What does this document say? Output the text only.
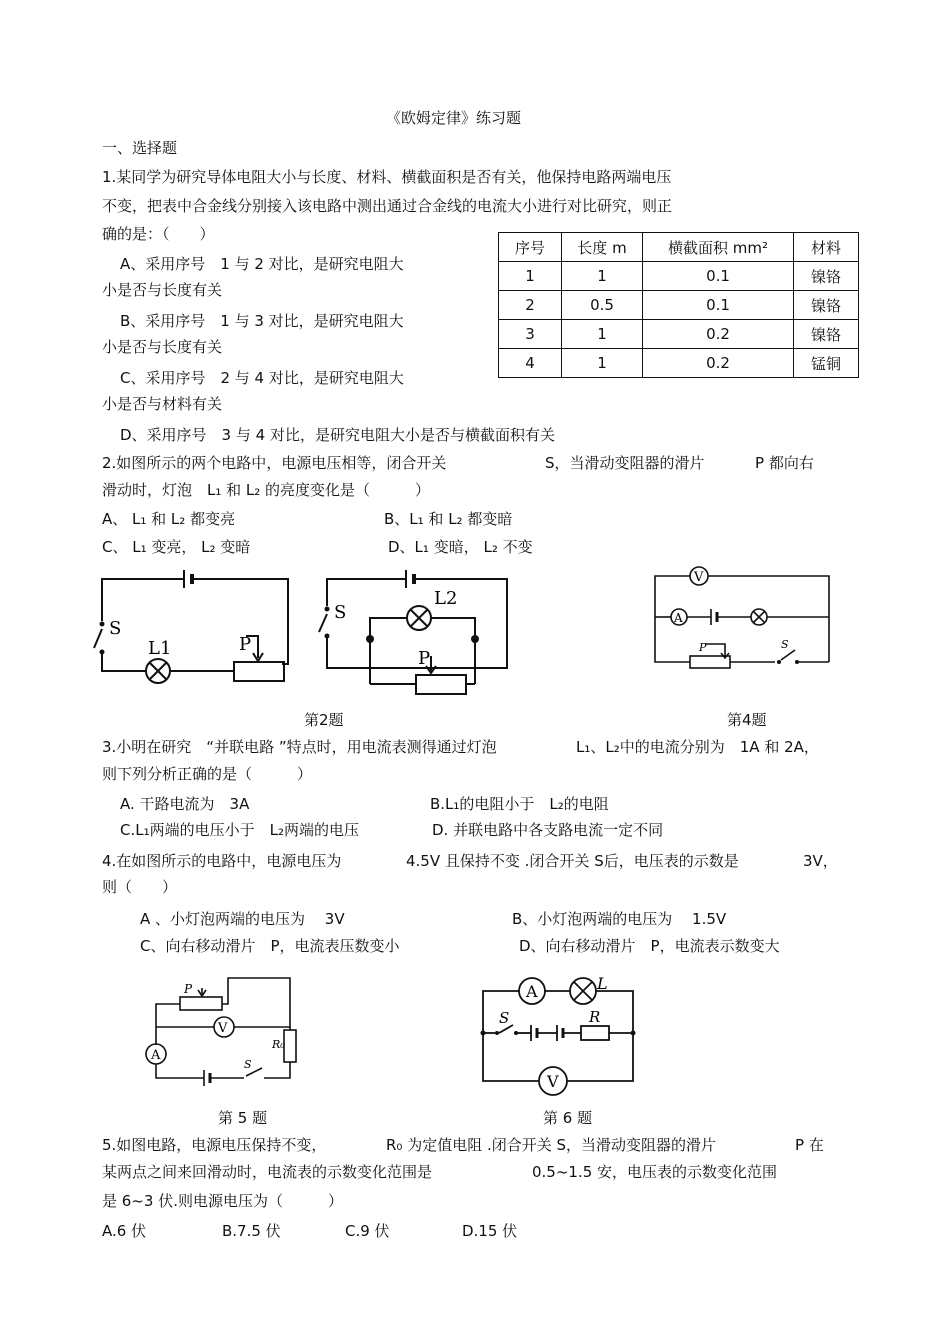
《欧姆定律》练习题
一、选择题
1.某同学为研究导体电阻大小与长度、材料、横截面积是否有关，他保持电路两端电压
不变，把表中合金线分别接入该电路中测出通过合金线的电流大小进行对比研究，则正
确的是：（　　）
A、采用序号　1 与 2 对比，是研究电阻大
小是否与长度有关
B、采用序号　1 与 3 对比，是研究电阻大
小是否与长度有关
C、采用序号　2 与 4 对比，是研究电阻大
小是否与材料有关
D、采用序号　3 与 4 对比，是研究电阻大小是否与横截面积有关
序号	长度 m	横截面积 mm²	材料
1	1	0.1	镍铬
2	0.5	0.1	镍铬
3	1	0.2	镍铬
4	1	0.2	锰铜
2.如图所示的两个电路中，电源电压相等，闭合开关	S，当滑动变阻器的滑片	P 都向右
滑动时，灯泡　L₁ 和 L₂ 的亮度变化是（　　　）
A、 L₁ 和 L₂ 都变亮	B、L₁ 和 L₂ 都变暗
C、 L₁ 变亮， L₂ 变暗	D、L₁ 变暗， L₂ 不变
S
L1	P
S
L2
P
V
A
P	S
第2题	第4题
3.小明在研究　“并联电路 ”特点时，用电流表测得通过灯泡	L₁、L₂中的电流分别为　1A 和 2A，
则下列分析正确的是（　　　）
A. 干路电流为　3A	B.L₁的电阻小于　L₂的电阻
C.L₁两端的电压小于　L₂两端的电压	D. 并联电路中各支路电流一定不同
4.在如图所示的电路中，电源电压为	4.5V 且保持不变 .闭合开关 S后，电压表的示数是	3V，
则（　　）
A 、小灯泡两端的电压为　 3V	B、小灯泡两端的电压为　 1.5V
C、向右移动滑片　P，电流表压数变小	D、向右移动滑片　P，电流表示数变大
V
A
P
S
R₀
A
V
L
R
S
第 5 题	第 6 题
5.如图电路，电源电压保持不变，	R₀ 为定值电阻 .闭合开关 S，当滑动变阻器的滑片	P 在
某两点之间来回滑动时，电流表的示数变化范围是	0.5~1.5 安，电压表的示数变化范围
是 6~3 伏.则电源电压为（　　　）
A.6 伏	B.7.5 伏	C.9 伏	D.15 伏
